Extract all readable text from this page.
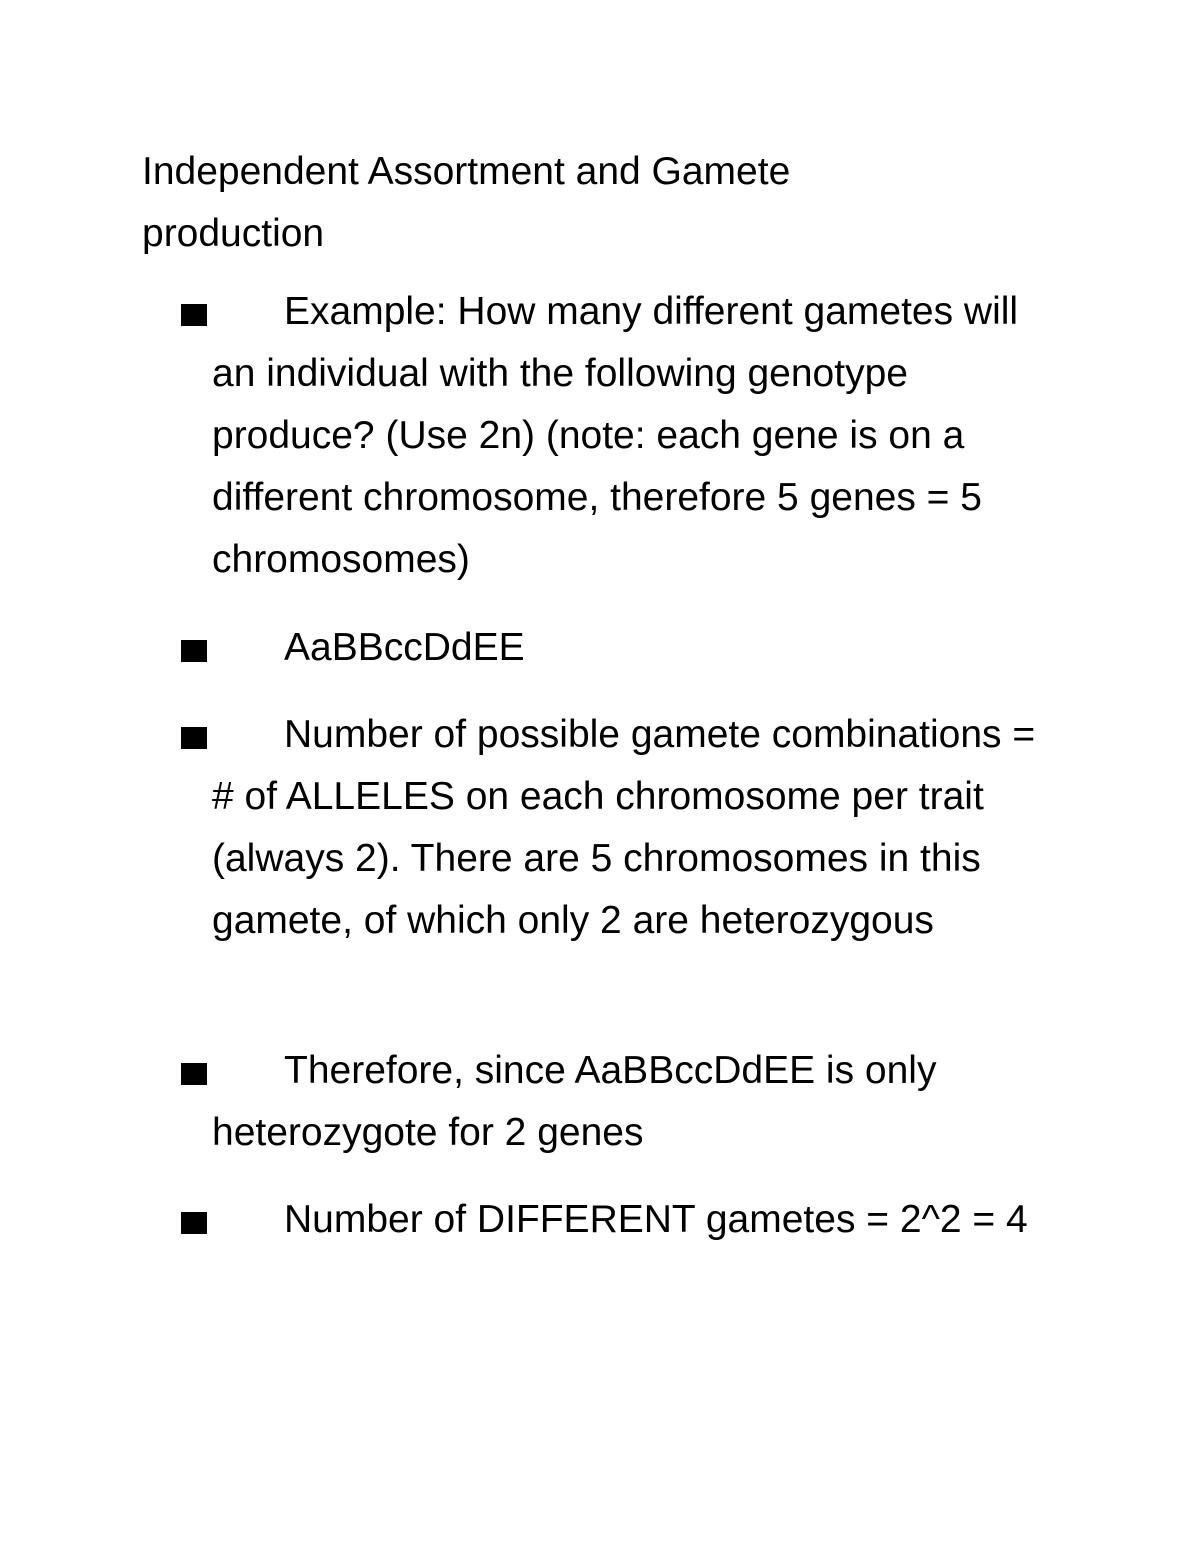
Independent Assortment and Gamete production

Example: How many different gametes will an individual with the following genotype produce? (Use 2n) (note: each gene is on a different chromosome, therefore 5 genes = 5 chromosomes)

AaBBccDdEE

Number of possible gamete combinations = # of ALLELES on each chromosome per trait (always 2). There are 5 chromosomes in this gamete, of which only 2 are heterozygous

Therefore, since AaBBccDdEE is only heterozygote for 2 genes

Number of DIFFERENT gametes = 2^2 = 4
